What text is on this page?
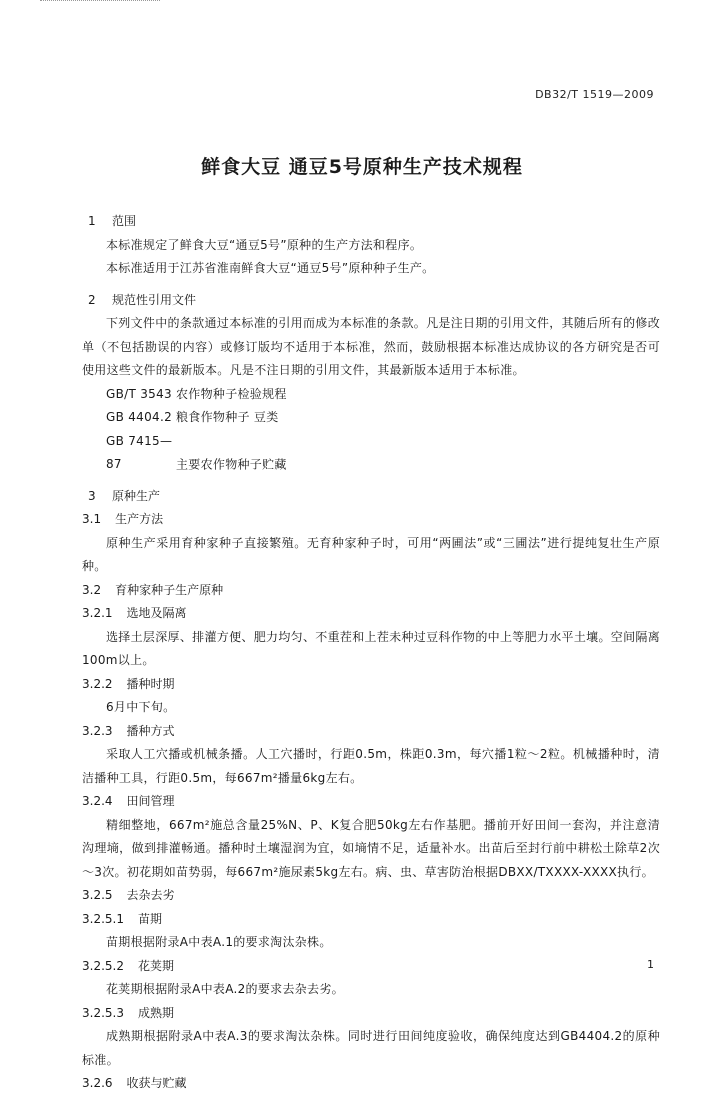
DB32/T 1519—2009
鲜食大豆 通豆5号原种生产技术规程
1 范围
本标准规定了鲜食大豆“通豆5号”原种的生产方法和程序。
本标准适用于江苏省淮南鲜食大豆“通豆5号”原种种子生产。
2 规范性引用文件
下列文件中的条款通过本标准的引用而成为本标准的条款。凡是注日期的引用文件，其随后所有的修改单（不包括勘误的内容）或修订版均不适用于本标准，然而，鼓励根据本标准达成协议的各方研究是否可使用这些文件的最新版本。凡是不注日期的引用文件，其最新版本适用于本标准。
GB/T 3543 农作物种子检验规程
GB 4404.2 粮食作物种子 豆类
GB 7415—87	主要农作物种子贮藏
3 原种生产
3.1 生产方法
原种生产采用育种家种子直接繁殖。无育种家种子时，可用“两圃法”或“三圃法”进行提纯复壮生产原种。
3.2 育种家种子生产原种
3.2.1 选地及隔离
选择土层深厚、排灌方便、肥力均匀、不重茬和上茬未种过豆科作物的中上等肥力水平土壤。空间隔离100m以上。
3.2.2 播种时期
6月中下旬。
3.2.3 播种方式
采取人工穴播或机械条播。人工穴播时，行距0.5m，株距0.3m，每穴播1粒～2粒。机械播种时，清洁播种工具，行距0.5m，每667m²播量6kg左右。
3.2.4 田间管理
精细整地，667m²施总含量25%N、P、K复合肥50kg左右作基肥。播前开好田间一套沟，并注意清沟理墒，做到排灌畅通。播种时土壤湿润为宜，如墒情不足，适量补水。出苗后至封行前中耕松土除草2次～3次。初花期如苗势弱，每667m²施尿素5kg左右。病、虫、草害防治根据DBXX/TXXXX-XXXX执行。
3.2.5 去杂去劣
3.2.5.1 苗期
苗期根据附录A中表A.1的要求淘汰杂株。
3.2.5.2 花荚期
花荚期根据附录A中表A.2的要求去杂去劣。
3.2.5.3 成熟期
成熟期根据附录A中表A.3的要求淘汰杂株。同时进行田间纯度验收，确保纯度达到GB4404.2的原种标准。
3.2.6 收获与贮藏
1
